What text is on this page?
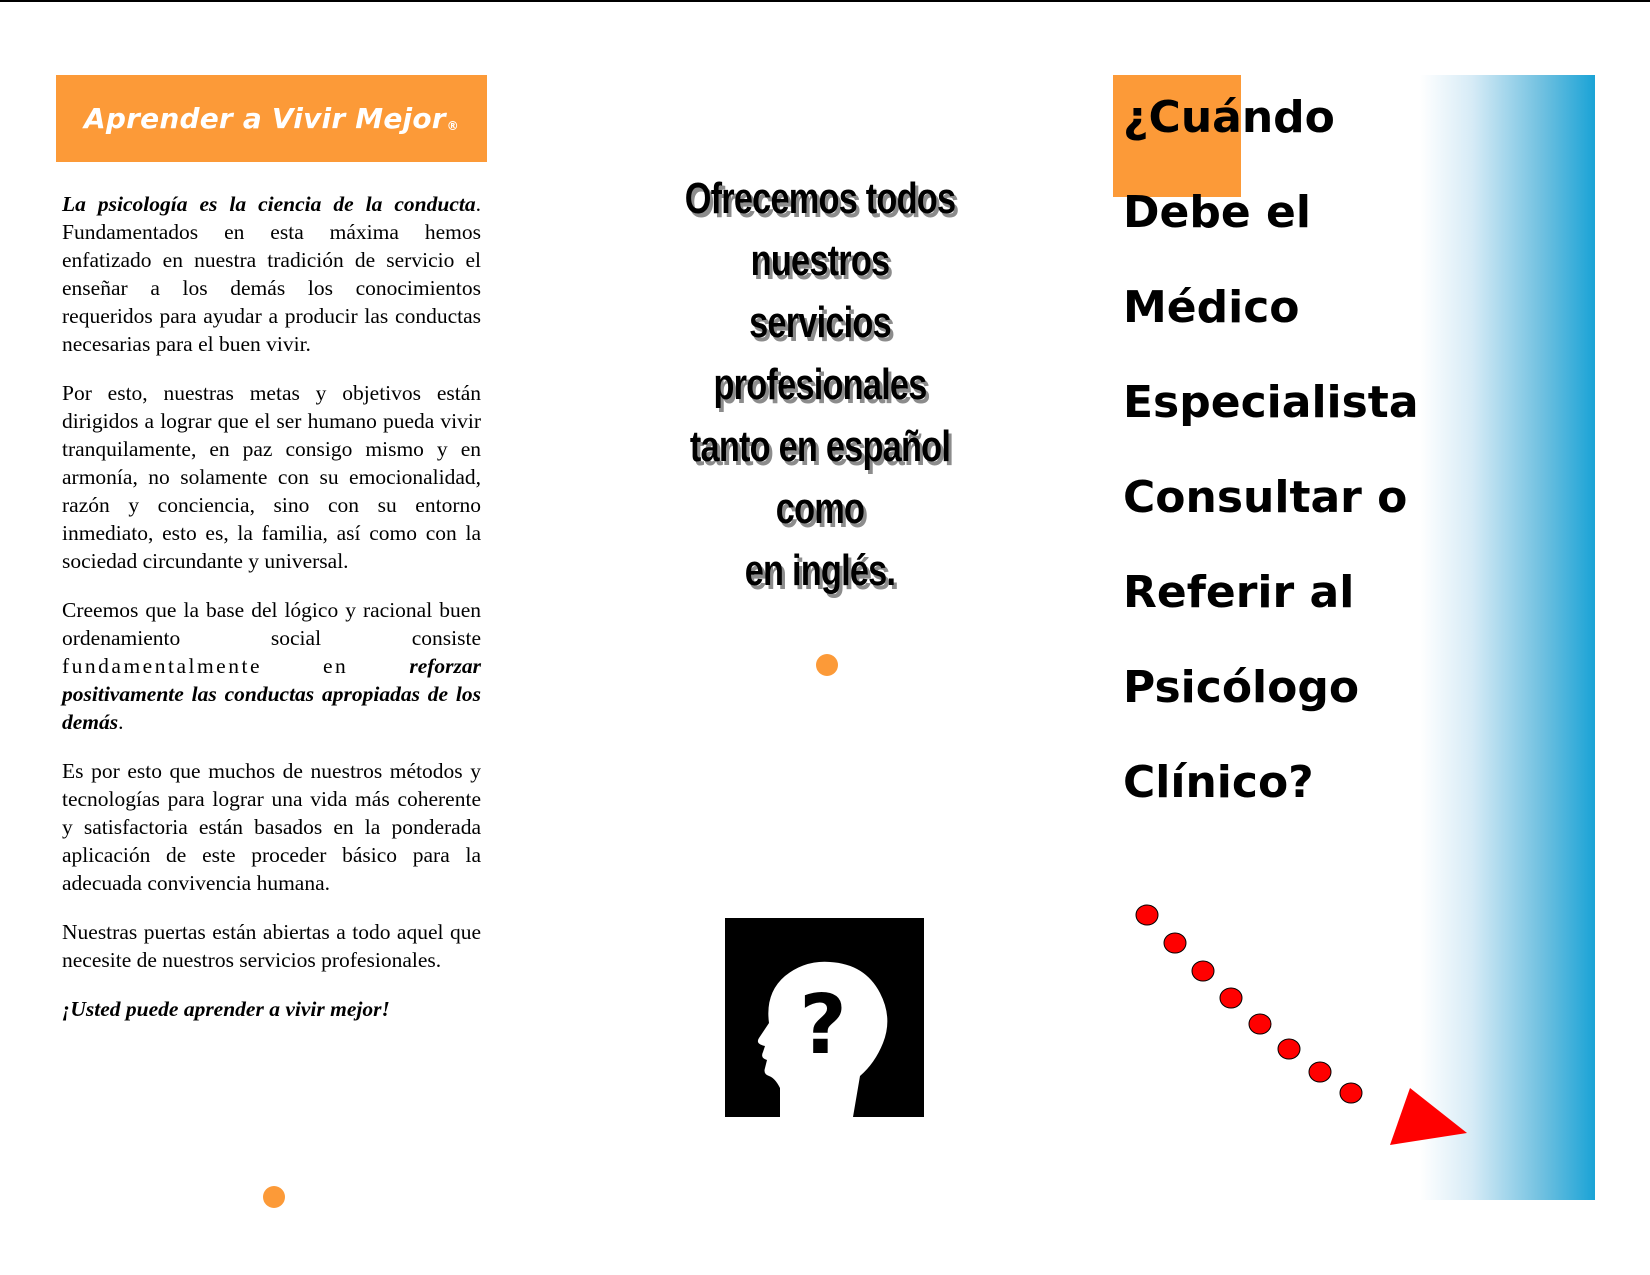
Aprender a Vivir Mejor®

La psicología es la ciencia de la conducta. Fundamentados en esta máxima hemos enfatizado en nuestra tradición de servicio el enseñar a los demás los conocimientos requeridos para ayudar a producir las conductas necesarias para el buen vivir.

Por esto, nuestras metas y objetivos están dirigidos a lograr que el ser humano pueda vivir tranquilamente, en paz consigo mismo y en armonía, no solamente con su emocionalidad, razón y conciencia, sino con su entorno inmediato, esto es, la familia, así como con la sociedad circundante y universal.

Creemos que la base del lógico y racional buen ordenamiento social consiste fundamentalmente en reforzar positivamente las conductas apropiadas de los demás.

Es por esto que muchos de nuestros métodos y tecnologías para lograr una vida más coherente y satisfactoria están basados en la ponderada aplicación de este proceder básico para la adecuada convivencia humana.

Nuestras puertas están abiertas a todo aquel que necesite de nuestros servicios profesionales.

¡Usted puede aprender a vivir mejor!

Ofrecemos todos nuestros
servicios profesionales
tanto en español como
en inglés.
?
¿Cuándo
Debe el
Médico
Especialista
Consultar o
Referir al
Psicólogo
Clínico?
